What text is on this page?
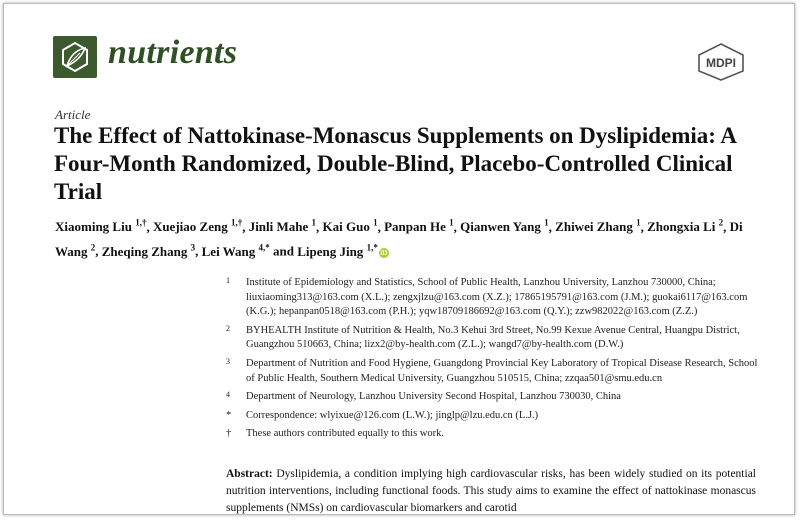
nutrients	MDPI
Article
The Effect of Nattokinase-Monascus Supplements on Dyslipidemia: A Four-Month Randomized, Double-Blind, Placebo-Controlled Clinical Trial
Xiaoming Liu $^{1,\dagger}$, Xuejiao Zeng $^{1,\dagger}$, Jinli Mahe $^1$, Kai Guo $^1$, Panpan He $^1$, Qianwen Yang $^1$, Zhiwei Zhang $^1$, Zhongxia Li $^2$, Di Wang $^2$, Zheqing Zhang $^3$, Lei Wang $^{4,*}$ and Lipeng Jing $^{1,*}$iD
1 Institute of Epidemiology and Statistics, School of Public Health, Lanzhou University, Lanzhou 730000, China; liuxiaoming313@163.com (X.L.); zengxjlzu@163.com (X.Z.); 17865195791@163.com (J.M.); guokai6117@163.com (K.G.); hepanpan0518@163.com (P.H.); yqw18709186692@163.com (Q.Y.); zzw982022@163.com (Z.Z.)
2 BYHEALTH Institute of Nutrition & Health, No.3 Kehui 3rd Street, No.99 Kexue Avenue Central, Huangpu District, Guangzhou 510663, China; lizx2@by-health.com (Z.L.); wangd7@by-health.com (D.W.)
3 Department of Nutrition and Food Hygiene, Guangdong Provincial Key Laboratory of Tropical Disease Research, School of Public Health, Southern Medical University, Guangzhou 510515, China; zzqaa501@smu.edu.cn
4 Department of Neurology, Lanzhou University Second Hospital, Lanzhou 730030, China
* Correspondence: wlyixue@126.com (L.W.); jinglp@lzu.edu.cn (L.J.)
† These authors contributed equally to this work.
Abstract: Dyslipidemia, a condition implying high cardiovascular risks, has been widely studied on its potential nutrition interventions, including functional foods. This study aims to examine the effect of nattokinase monascus supplements (NMSs) on cardiovascular biomarkers and carotid
